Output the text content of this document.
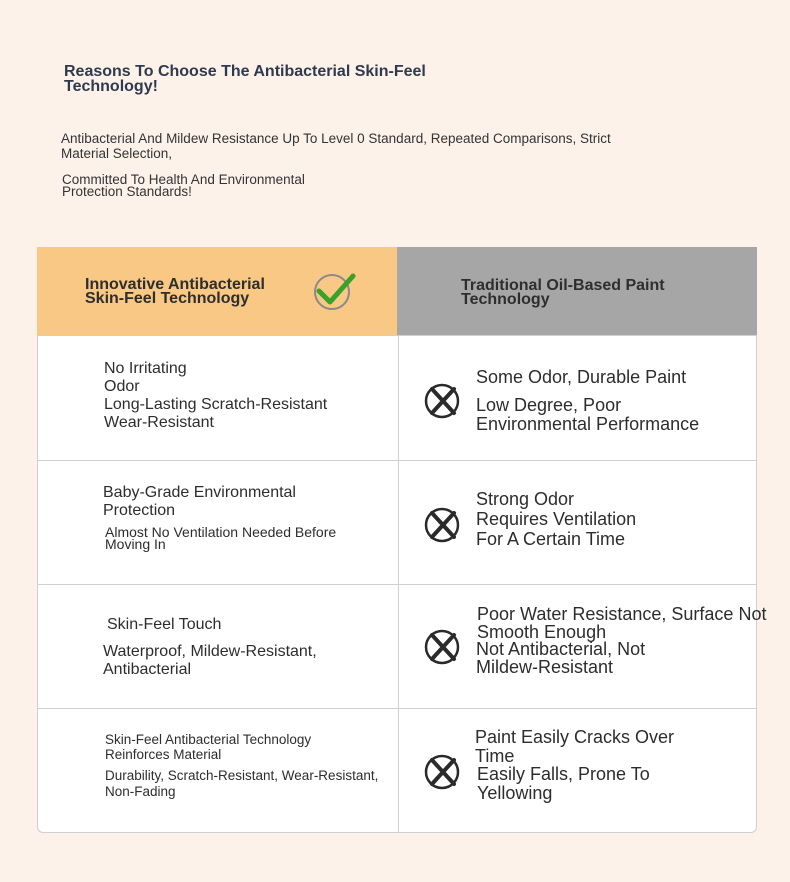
Reasons To Choose The Antibacterial Skin-Feel Technology!
Antibacterial And Mildew Resistance Up To Level 0 Standard, Repeated Comparisons, Strict Material Selection,
Committed To Health And Environmental Protection Standards!
Innovative Antibacterial Skin-Feel Technology
Traditional Oil-Based Paint Technology
No Irritating
Odor
Long-Lasting Scratch-Resistant
Wear-Resistant
Some Odor, Durable Paint
Low Degree, Poor
Environmental Performance
Baby-Grade Environmental
Protection
Almost No Ventilation Needed Before
Moving In
Strong Odor
Requires Ventilation
For A Certain Time
Skin-Feel Touch
Waterproof, Mildew-Resistant,
Antibacterial
Poor Water Resistance, Surface Not
Smooth Enough
Not Antibacterial, Not
Mildew-Resistant
Skin-Feel Antibacterial Technology
Reinforces Material
Durability, Scratch-Resistant, Wear-Resistant,
Non-Fading
Paint Easily Cracks Over
Time
Easily Falls, Prone To
Yellowing
